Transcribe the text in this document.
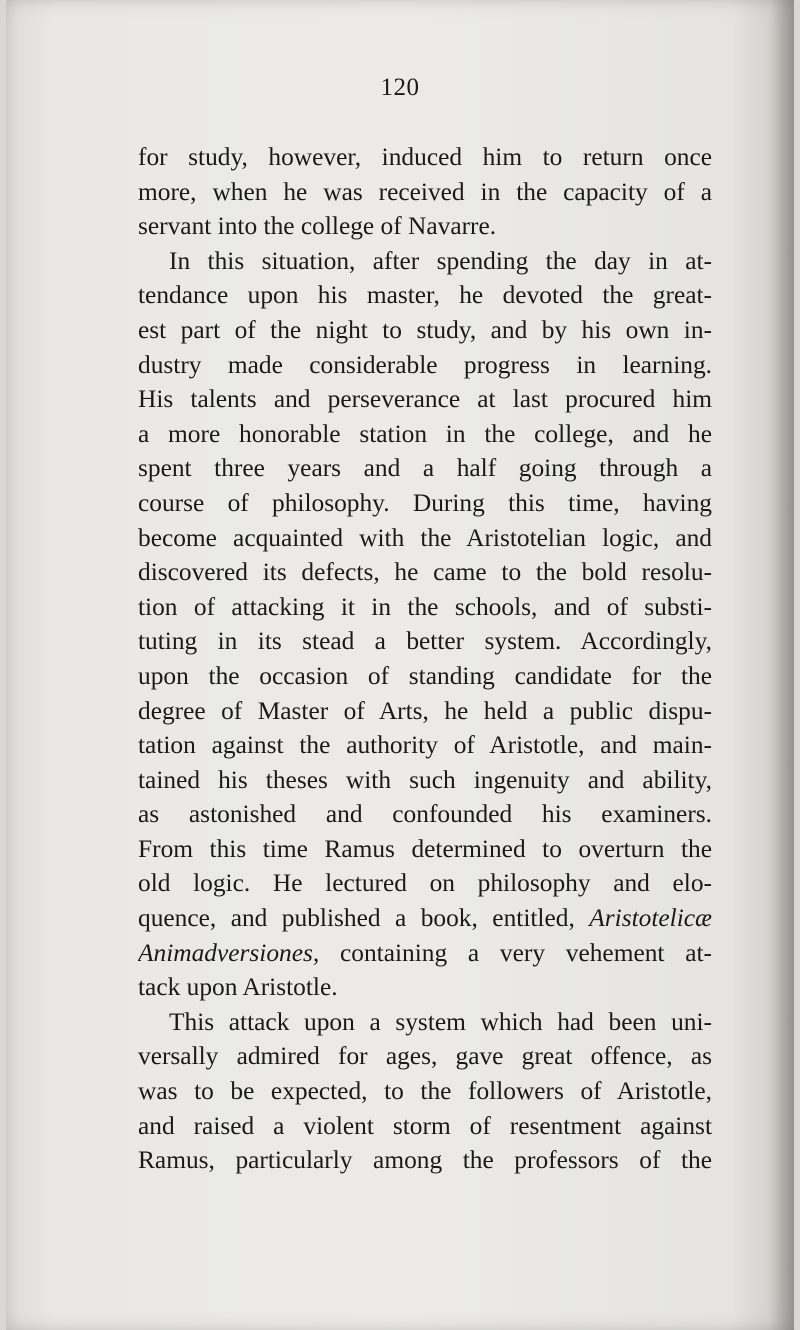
120
for study, however, induced him to return once
more, when he was received in the capacity of a
servant into the college of Navarre.
In this situation, after spending the day in at-
tendance upon his master, he devoted the great-
est part of the night to study, and by his own in-
dustry made considerable progress in learning.
His talents and perseverance at last procured him
a more honorable station in the college, and he
spent three years and a half going through a
course of philosophy. During this time, having
become acquainted with the Aristotelian logic, and
discovered its defects, he came to the bold resolu-
tion of attacking it in the schools, and of substi-
tuting in its stead a better system. Accordingly,
upon the occasion of standing candidate for the
degree of Master of Arts, he held a public dispu-
tation against the authority of Aristotle, and main-
tained his theses with such ingenuity and ability,
as astonished and confounded his examiners.
From this time Ramus determined to overturn the
old logic. He lectured on philosophy and elo-
quence, and published a book, entitled, Aristotelicæ
Animadversiones, containing a very vehement at-
tack upon Aristotle.
This attack upon a system which had been uni-
versally admired for ages, gave great offence, as
was to be expected, to the followers of Aristotle,
and raised a violent storm of resentment against
Ramus, particularly among the professors of the
